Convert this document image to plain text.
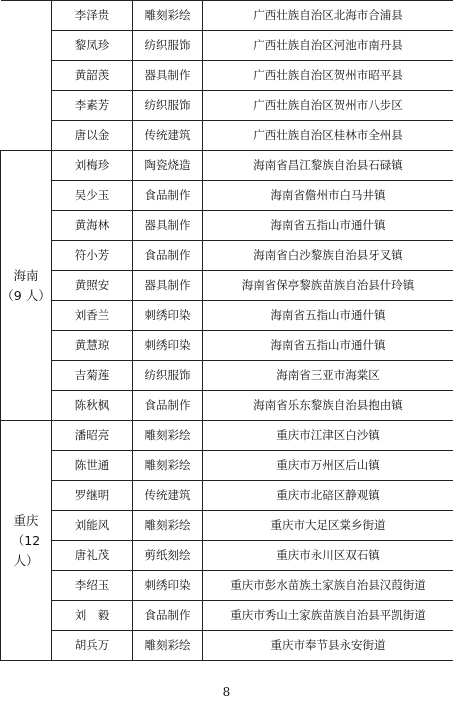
	李泽贵	雕刻彩绘	广西壮族自治区北海市合浦县
	黎凤珍	纺织服饰	广西壮族自治区河池市南丹县
	黄韶羡	器具制作	广西壮族自治区贺州市昭平县
	李素芳	纺织服饰	广西壮族自治区贺州市八步区
	唐以金	传统建筑	广西壮族自治区桂林市全州县

海南
（9 人）	刘梅珍	陶瓷烧造	海南省昌江黎族自治县石碌镇
	吴少玉	食品制作	海南省儋州市白马井镇
	黄海林	器具制作	海南省五指山市通什镇
	符小芳	食品制作	海南省白沙黎族自治县牙叉镇
	黄照安	器具制作	海南省保亭黎族苗族自治县什玲镇
	刘香兰	刺绣印染	海南省五指山市通什镇
	黄慧琼	刺绣印染	海南省五指山市通什镇
	吉菊莲	纺织服饰	海南省三亚市海棠区
	陈秋枫	食品制作	海南省乐东黎族自治县抱由镇

重庆
（12 人）	潘昭亮	雕刻彩绘	重庆市江津区白沙镇
	陈世通	雕刻彩绘	重庆市万州区后山镇
	罗继明	传统建筑	重庆市北碚区静观镇
	刘能风	雕刻彩绘	重庆市大足区棠乡街道
	唐礼茂	剪纸刻绘	重庆市永川区双石镇
	李绍玉	刺绣印染	重庆市彭水苗族土家族自治县汉葭街道
	刘　毅	食品制作	重庆市秀山土家族苗族自治县平凯街道
	胡兵万	雕刻彩绘	重庆市奉节县永安街道
8
